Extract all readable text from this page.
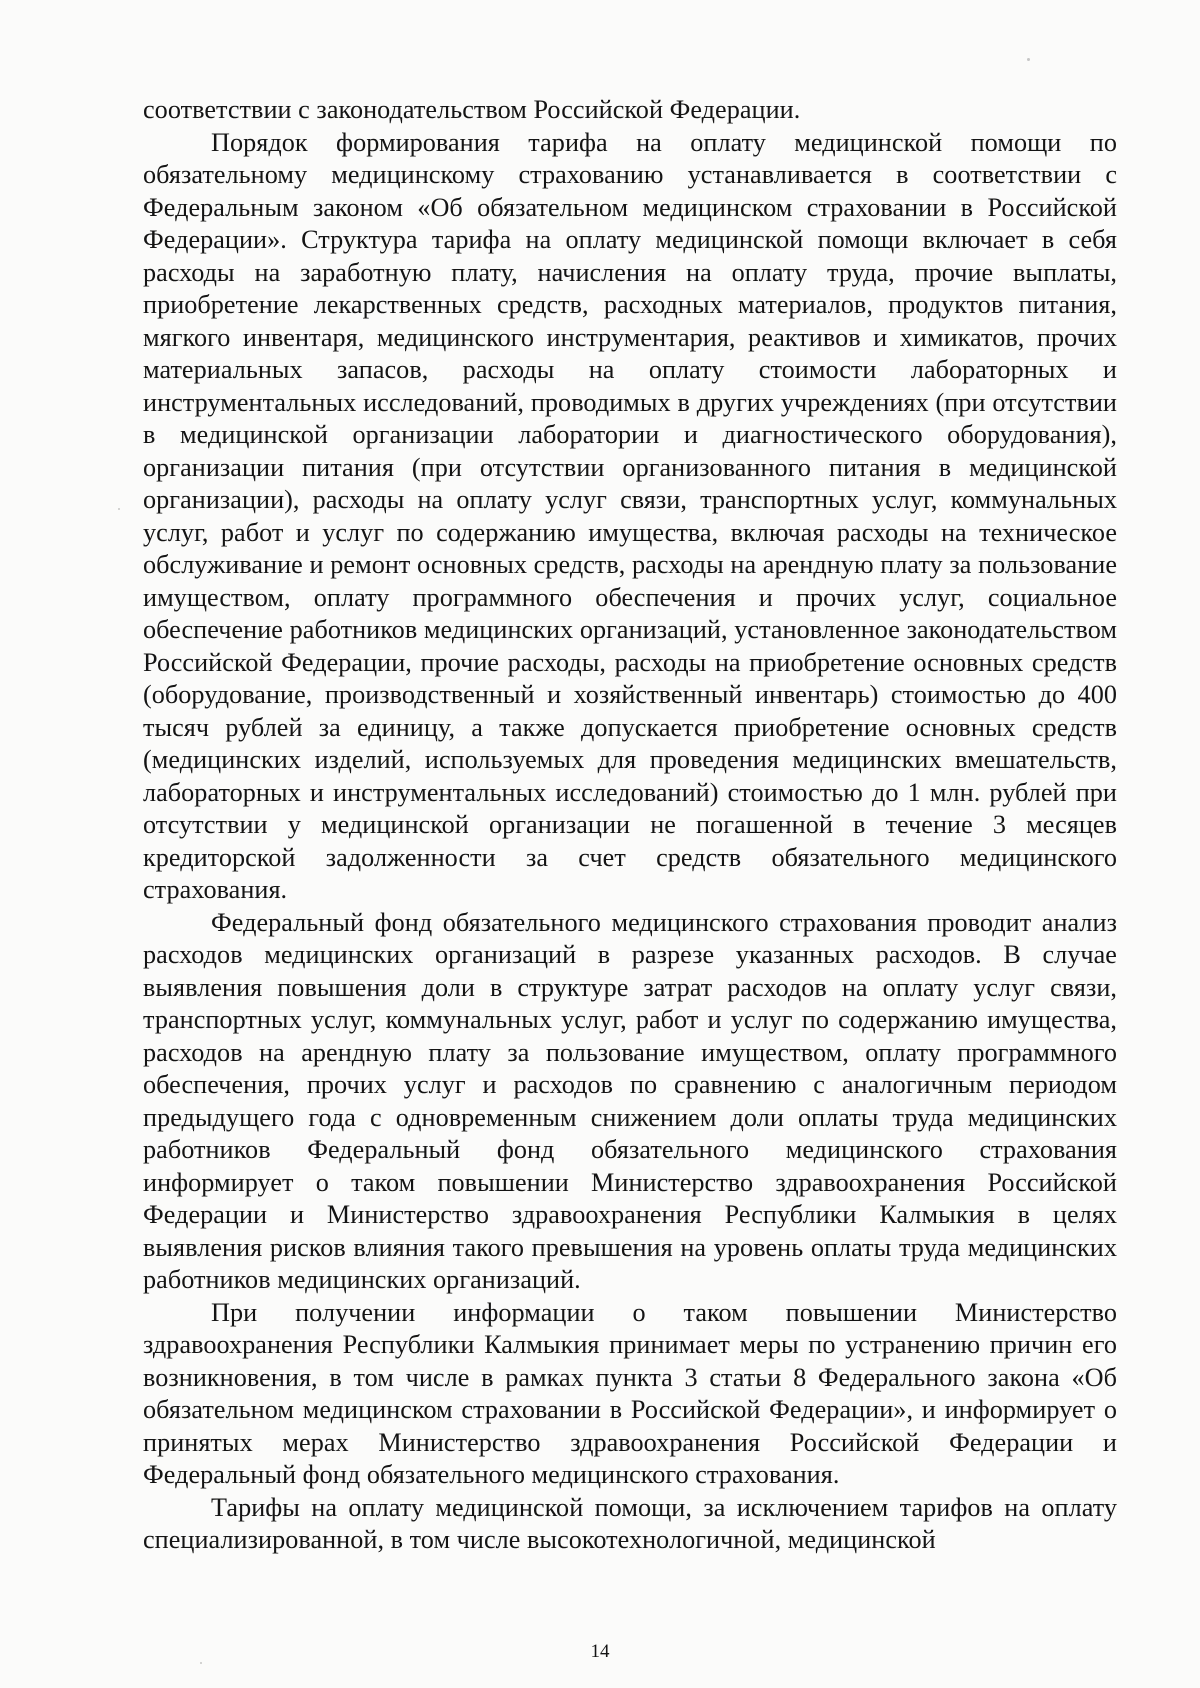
соответствии с законодательством Российской Федерации.

Порядок формирования тарифа на оплату медицинской помощи по обязательному медицинскому страхованию устанавливается в соответствии с Федеральным законом «Об обязательном медицинском страховании в Российской Федерации». Структура тарифа на оплату медицинской помощи включает в себя расходы на заработную плату, начисления на оплату труда, прочие выплаты, приобретение лекарственных средств, расходных материалов, продуктов питания, мягкого инвентаря, медицинского инструментария, реактивов и химикатов, прочих материальных запасов, расходы на оплату стоимости лабораторных и инструментальных исследований, проводимых в других учреждениях (при отсутствии в медицинской организации лаборатории и диагностического оборудования), организации питания (при отсутствии организованного питания в медицинской организации), расходы на оплату услуг связи, транспортных услуг, коммунальных услуг, работ и услуг по содержанию имущества, включая расходы на техническое обслуживание и ремонт основных средств, расходы на арендную плату за пользование имуществом, оплату программного обеспечения и прочих услуг, социальное обеспечение работников медицинских организаций, установленное законодательством Российской Федерации, прочие расходы, расходы на приобретение основных средств (оборудование, производственный и хозяйственный инвентарь) стоимостью до 400 тысяч рублей за единицу, а также допускается приобретение основных средств (медицинских изделий, используемых для проведения медицинских вмешательств, лабораторных и инструментальных исследований) стоимостью до 1 млн. рублей при отсутствии у медицинской организации не погашенной в течение 3 месяцев кредиторской задолженности за счет средств обязательного медицинского страхования.

Федеральный фонд обязательного медицинского страхования проводит анализ расходов медицинских организаций в разрезе указанных расходов. В случае выявления повышения доли в структуре затрат расходов на оплату услуг связи, транспортных услуг, коммунальных услуг, работ и услуг по содержанию имущества, расходов на арендную плату за пользование имуществом, оплату программного обеспечения, прочих услуг и расходов по сравнению с аналогичным периодом предыдущего года с одновременным снижением доли оплаты труда медицинских работников Федеральный фонд обязательного медицинского страхования информирует о таком повышении Министерство здравоохранения Российской Федерации и Министерство здравоохранения Республики Калмыкия в целях выявления рисков влияния такого превышения на уровень оплаты труда медицинских работников медицинских организаций.

При получении информации о таком повышении Министерство здравоохранения Республики Калмыкия принимает меры по устранению причин его возникновения, в том числе в рамках пункта 3 статьи 8 Федерального закона «Об обязательном медицинском страховании в Российской Федерации», и информирует о принятых мерах Министерство здравоохранения Российской Федерации и Федеральный фонд обязательного медицинского страхования.

Тарифы на оплату медицинской помощи, за исключением тарифов на оплату специализированной, в том числе высокотехнологичной, медицинской

14
